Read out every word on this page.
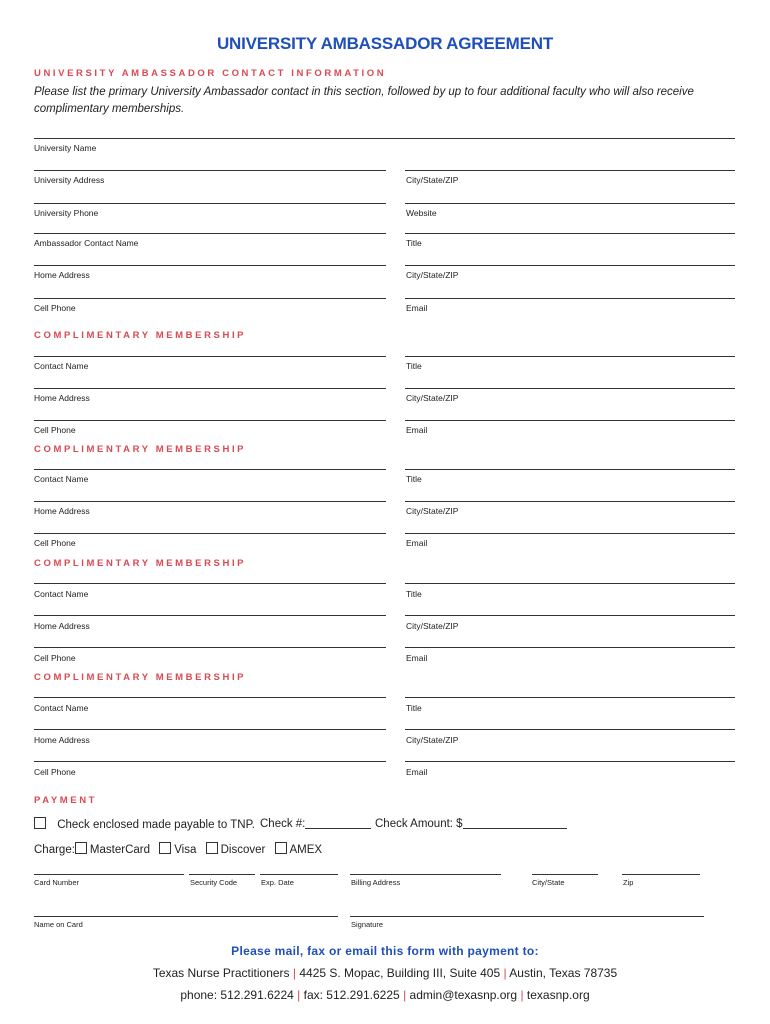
UNIVERSITY AMBASSADOR AGREEMENT
UNIVERSITY AMBASSADOR CONTACT INFORMATION
Please list the primary University Ambassador contact in this section, followed by up to four additional faculty who will also receive complimentary memberships.
University Name
University Address	City/State/ZIP
University Phone	Website
Ambassador Contact Name	Title
Home Address	City/State/ZIP
Cell Phone	Email
COMPLIMENTARY MEMBERSHIP
Contact Name	Title
Home Address	City/State/ZIP
Cell Phone	Email
COMPLIMENTARY MEMBERSHIP
Contact Name	Title
Home Address	City/State/ZIP
Cell Phone	Email
COMPLIMENTARY MEMBERSHIP
Contact Name	Title
Home Address	City/State/ZIP
Cell Phone	Email
COMPLIMENTARY MEMBERSHIP
Contact Name	Title
Home Address	City/State/ZIP
Cell Phone	Email
PAYMENT
Check enclosed made payable to TNP. Check #:	Check Amount: $
Charge: MasterCard Visa Discover AMEX
Card Number	Security Code	Exp. Date	Billing Address	City/State	Zip
Name on Card	Signature
Please mail, fax or email this form with payment to:
Texas Nurse Practitioners | 4425 S. Mopac, Building III, Suite 405 | Austin, Texas 78735
phone: 512.291.6224 | fax: 512.291.6225 | admin@texasnp.org | texasnp.org
